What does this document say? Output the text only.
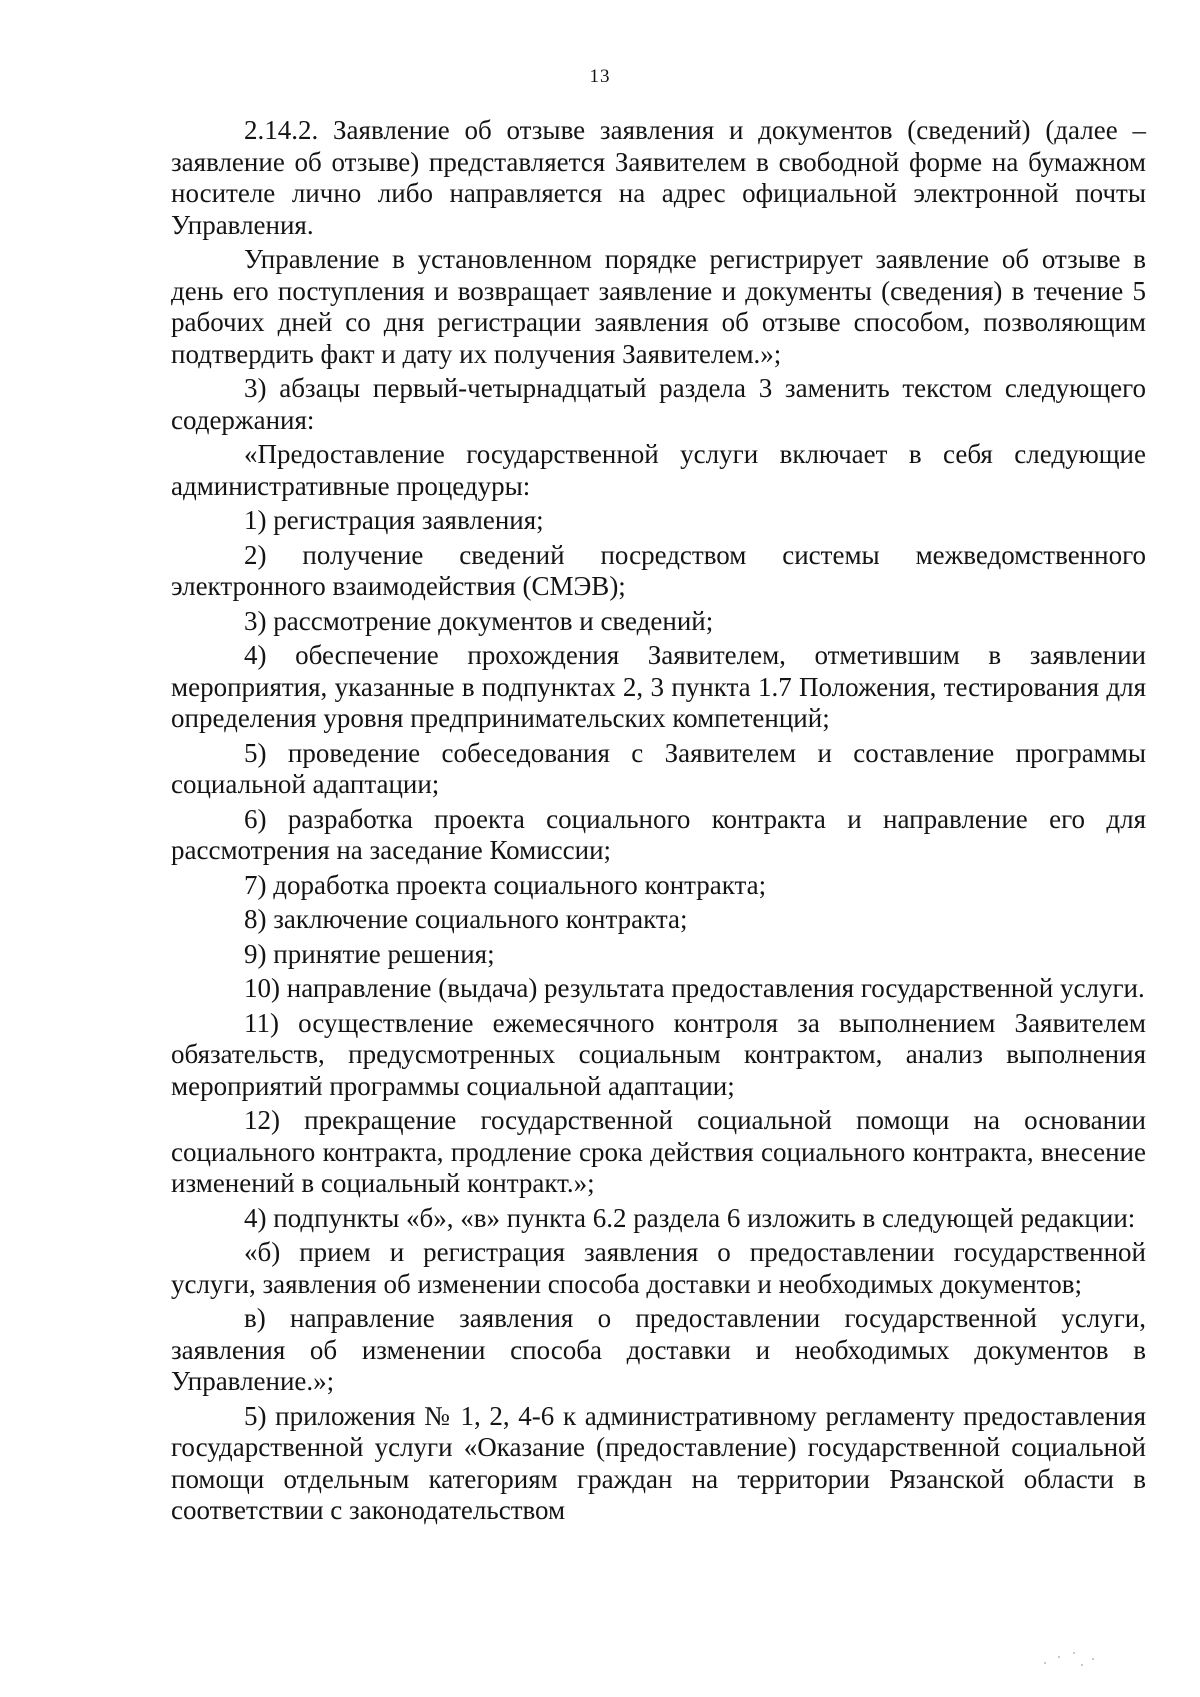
13

2.14.2. Заявление об отзыве заявления и документов (сведений) (далее – заявление об отзыве) представляется Заявителем в свободной форме на бумажном носителе лично либо направляется на адрес официальной электронной почты Управления.

Управление в установленном порядке регистрирует заявление об отзыве в день его поступления и возвращает заявление и документы (сведения) в течение 5 рабочих дней со дня регистрации заявления об отзыве способом, позволяющим подтвердить факт и дату их получения Заявителем.»;

3) абзацы первый-четырнадцатый раздела 3 заменить текстом следующего содержания:

«Предоставление государственной услуги включает в себя следующие административные процедуры:

1) регистрация заявления;

2) получение сведений посредством системы межведомственного электронного взаимодействия (СМЭВ);

3) рассмотрение документов и сведений;

4) обеспечение прохождения Заявителем, отметившим в заявлении мероприятия, указанные в подпунктах 2, 3 пункта 1.7 Положения, тестирования для определения уровня предпринимательских компетенций;

5) проведение собеседования с Заявителем и составление программы социальной адаптации;

6) разработка проекта социального контракта и направление его для рассмотрения на заседание Комиссии;

7) доработка проекта социального контракта;

8) заключение социального контракта;

9) принятие решения;

10) направление (выдача) результата предоставления государственной услуги.

11) осуществление ежемесячного контроля за выполнением Заявителем обязательств, предусмотренных социальным контрактом, анализ выполнения мероприятий программы социальной адаптации;

12) прекращение государственной социальной помощи на основании социального контракта, продление срока действия социального контракта, внесение изменений в социальный контракт.»;

4) подпункты «б», «в» пункта 6.2 раздела 6 изложить в следующей редакции:

«б) прием и регистрация заявления о предоставлении государственной услуги, заявления об изменении способа доставки и необходимых документов;

в) направление заявления о предоставлении государственной услуги, заявления об изменении способа доставки и необходимых документов в Управление.»;

5) приложения № 1, 2, 4-6 к административному регламенту предоставления государственной услуги «Оказание (предоставление) государственной социальной помощи отдельным категориям граждан на территории Рязанской области в соответствии с законодательством
